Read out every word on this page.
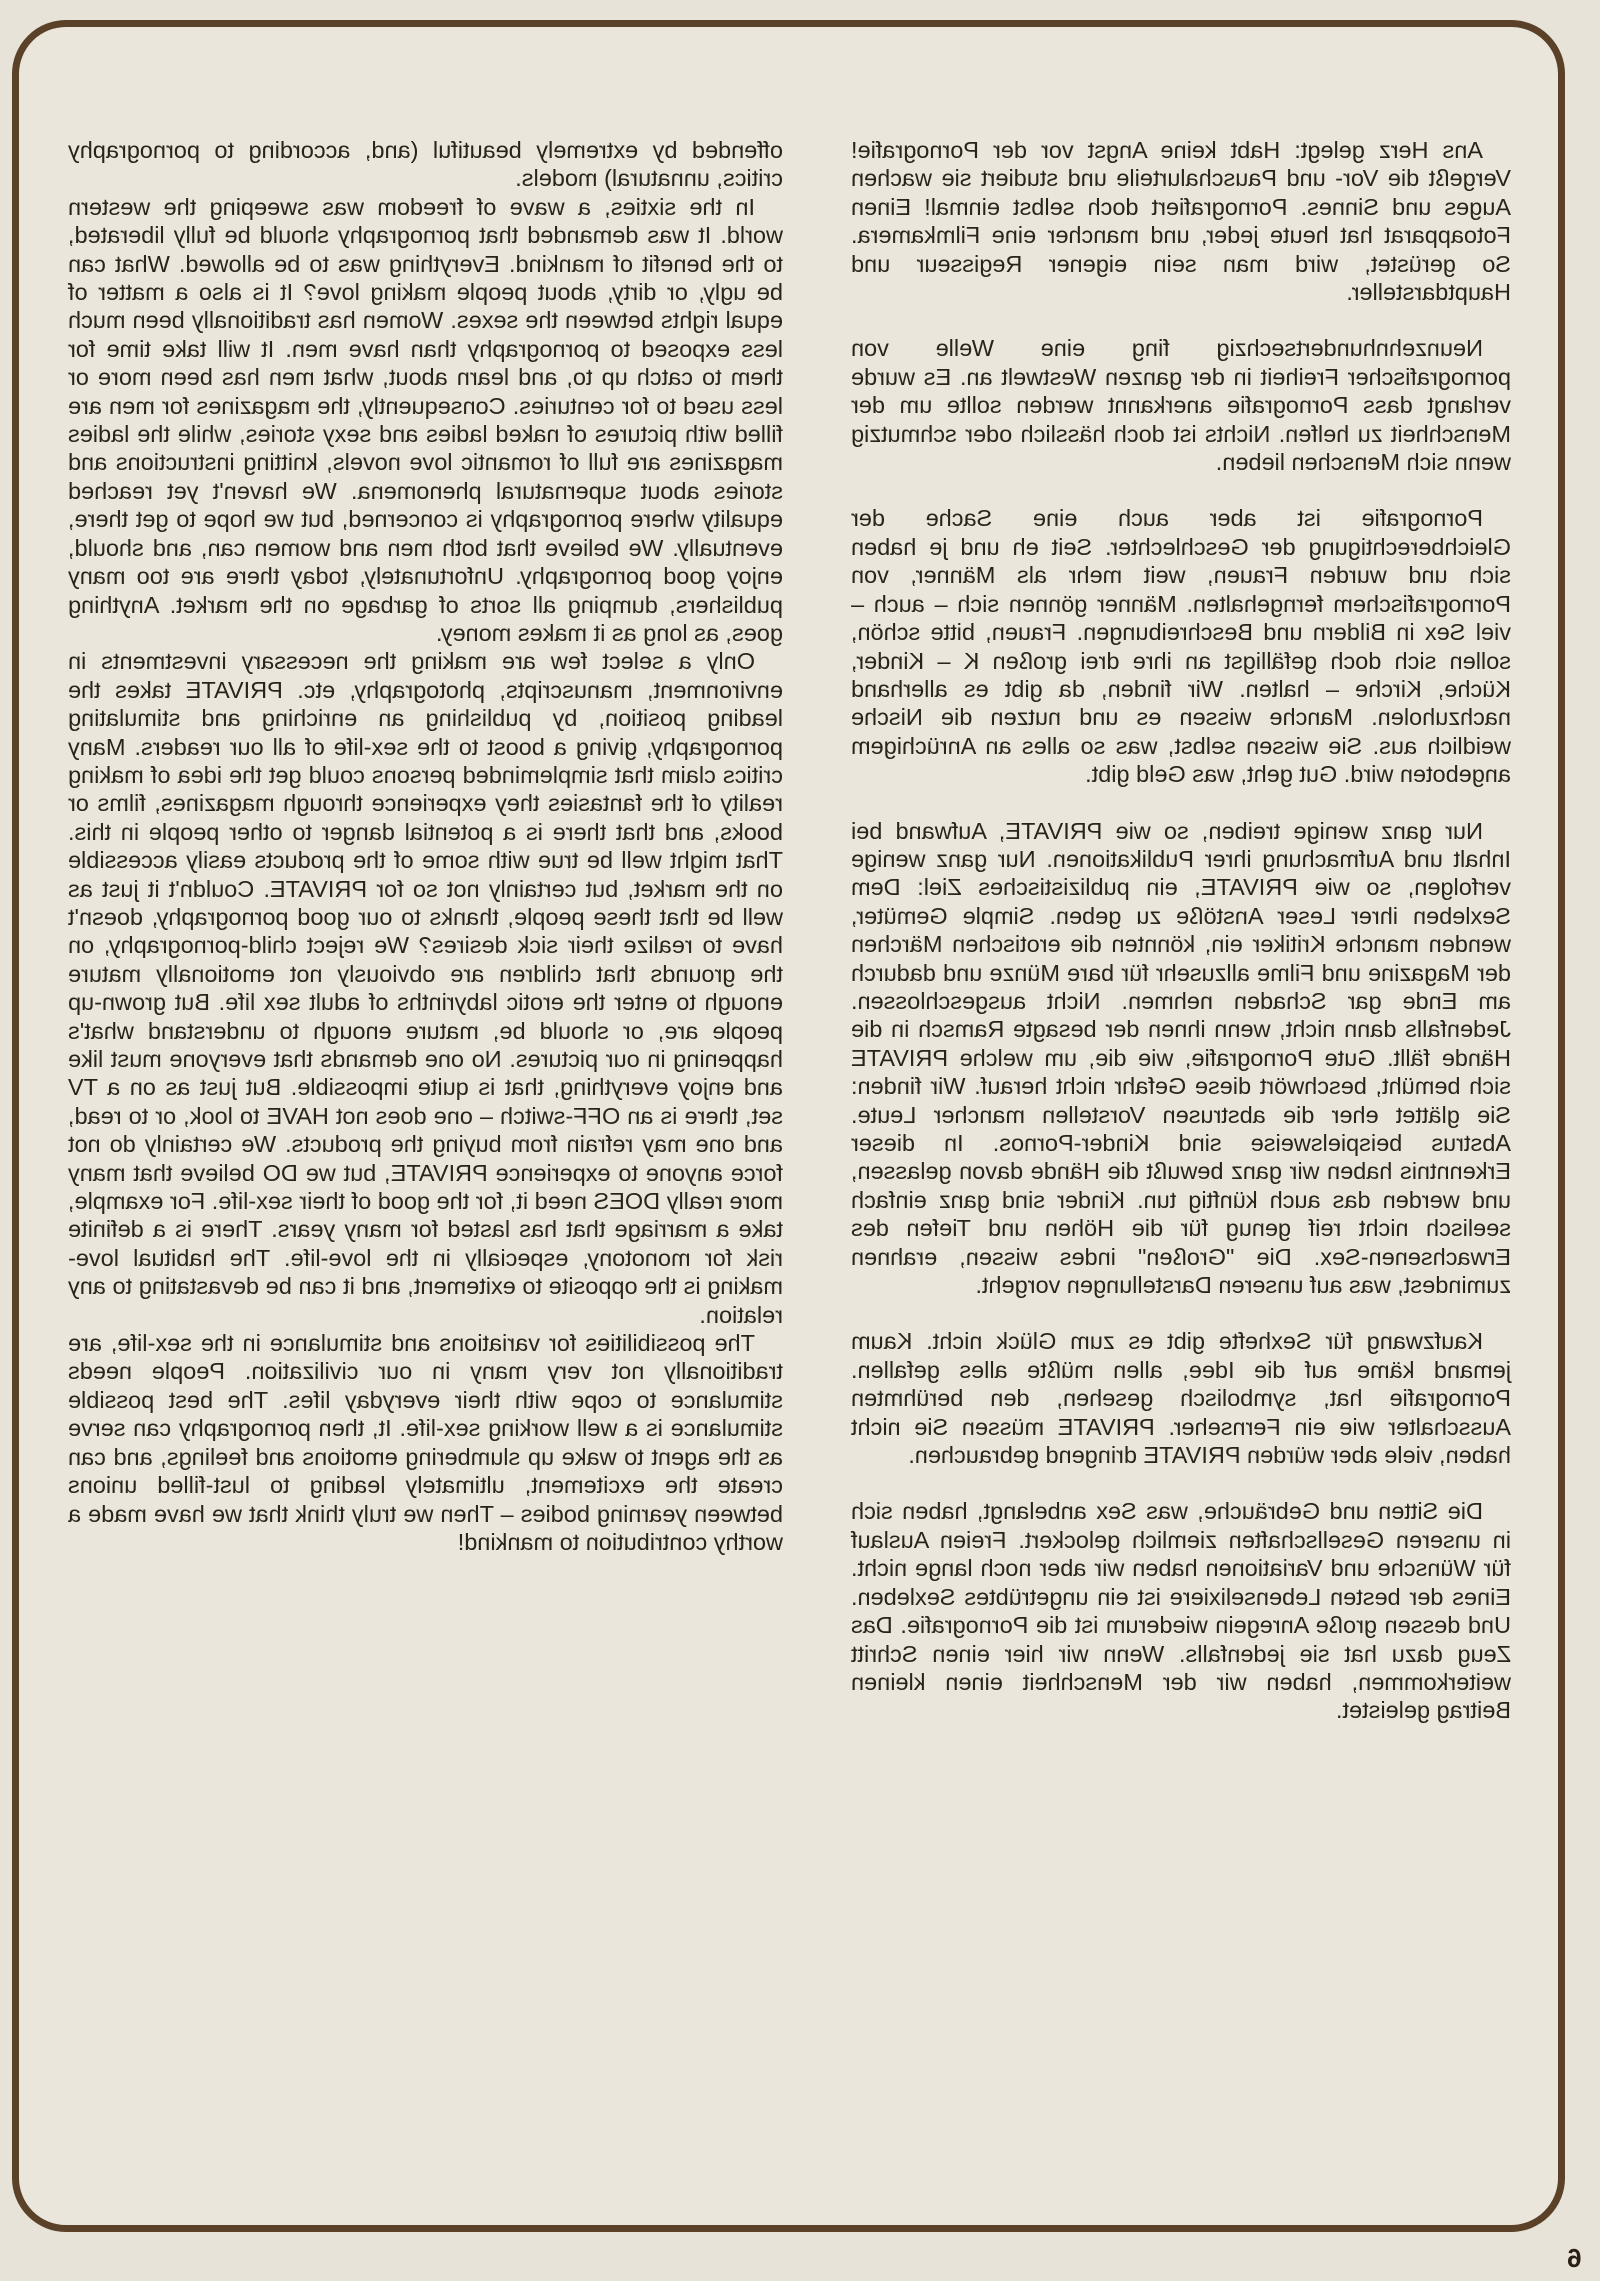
offended by extremely beautiful (and, according to pornography critics, unnatural) models.

In the sixties, a wave of freedom was sweeping the western world. It was demanded that pornography should be fully liberated, to the benefit of mankind. Everything was to be allowed. What can be ugly, or dirty, about people making love? It is also a matter of equal rights between the sexes. Women has traditionally been much less exposed to pornography than have men. It will take time for them to catch up to, and learn about, what men has been more or less used to for centuries. Consequently, the magazines for men are filled with pictures of naked ladies and sexy stories, while the ladies magazines are full of romantic love novels, knitting instructions and stories about supernatural phenomena. We haven't yet reached equality where pornography is concerned, but we hope to get there, eventually. We believe that both men and women can, and should, enjoy good pornography. Unfortunately, today there are too many publishers, dumping all sorts of garbage on the market. Anything goes, as long as it makes money.

Only a select few are making the necessary investments in environment, manuscripts, photography, etc. PRIVATE takes the leading position, by publishing an enriching and stimulating pornography, giving a boost to the sex-life of all our readers. Many critics claim that simpleminded persons could get the idea of making reality of the fantasies they experience through magazines, films or books, and that there is a potential danger to other people in this. That might well be true with some of the products easily accessible on the market, but certainly not so for PRIVATE. Couldn't it just as well be that these people, thanks to our good pornography, doesn't have to realize their sick desires? We reject child-pornography, on the grounds that children are obviously not emotionally mature enough to enter the erotic labyrinths of adult sex life. But grown-up people are, or should be, mature enough to understand what's happening in our pictures. No one demands that everyone must like and enjoy everything, that is quite impossible. But just as on a TV set, there is an OFF-switch – one does not HAVE to look, or to read, and one may refrain from buying the products. We certainly do not force anyone to experience PRIVATE, but we DO believe that many more really DOES need it, for the good of their sex-life. For example, take a marriage that has lasted for many years. There is a definite risk for monotony, especially in the love-life. The habitual love-making is the opposite to exitement, and it can be devastating to any relation.

The possibilities for variations and stimulance in the sex-life, are traditionally not very many in our civilization. People needs stimulance to cope with their everyday lifes. The best possible stimulance is a well working sex-life. It, then pornography can serve as the agent to wake up slumbering emotions and feelings, and can create the excitement, ultimately leading to lust-filled unions between yearning bodies – Then we truly think that we have made a worthy contribution to mankind!

Ans Herz gelegt: Habt keine Angst vor der Pornografie! Vergeßt die Vor- und Pauschalurteile und studiert sie wachen Auges und Sinnes. Pornografiert doch selbst einmal! Einen Fotoapparat hat heute jeder, und mancher eine Filmkamera. So gerüstet, wird man sein eigener Regisseur und Hauptdarsteller.

Neunzehnhundertsechzig fing eine Welle von pornografischer Freiheit in der ganzen Westwelt an. Es wurde verlangt dass Pornografie anerkannt werden sollte um der Menschheit zu helfen. Nichts ist doch hässlich oder schmutzig wenn sich Menschen lieben.

Pornografie ist aber auch eine Sache der Gleichberechtigung der Geschlechter. Seit eh und je haben sich und wurden Frauen, weit mehr als Männer, von Pornografischem ferngehalten. Männer gönnen sich – auch – viel Sex in Bildern und Beschreibungen. Frauen, bitte schön, sollen sich doch gefälligst an ihre drei großen K – Kinder, Küche, Kirche – halten. Wir finden, da gibt es allerhand nachzuholen. Manche wissen es und nutzen die Nische weidlich aus. Sie wissen selbst, was so alles an Anrüchigem angeboten wird. Gut geht, was Geld gibt.

Nur ganz wenige treiben, so wie PRIVATE, Aufwand bei Inhalt und Aufmachung ihrer Publikationen. Nur ganz wenige verfolgen, so wie PRIVATE, ein publizistisches Ziel: Dem Sexleben ihrer Leser Anstöße zu geben. Simple Gemüter, wenden manche Kritiker ein, könnten die erotischen Märchen der Magazine und Filme allzusehr für bare Münze und dadurch am Ende gar Schaden nehmen. Nicht ausgeschlossen. Jedenfalls dann nicht, wenn ihnen der besagte Ramsch in die Hände fällt. Gute Pornografie, wie die, um welche PRIVATE sich bemüht, beschwört diese Gefahr nicht herauf. Wir finden: Sie glättet eher die abstrusen Vorstellen mancher Leute. Abstrus beispielsweise sind Kinder-Pornos. In dieser Erkenntnis haben wir ganz bewußt die Hände davon gelassen, und werden das auch künftig tun. Kinder sind ganz einfach seelisch nicht reif genug für die Höhen und Tiefen des Erwachsenen-Sex. Die "Großen" indes wissen, erahnen zumindest, was auf unseren Darstellungen vorgeht.

Kaufzwang für Sexhefte gibt es zum Glück nicht. Kaum jemand käme auf die Idee, allen müßte alles gefallen. Pornografie hat, symbolisch gesehen, den berühmten Ausschalter wie ein Fernseher. PRIVATE müssen Sie nicht haben, viele aber würden PRIVATE dringend gebrauchen.

Die Sitten und Gebräuche, was Sex anbelangt, haben sich in unseren Gesellschaften ziemlich gelockert. Freien Auslauf für Wünsche und Variationen haben wir aber noch lange nicht. Eines der besten Lebenselixiere ist ein ungetrübtes Sexleben. Und dessen große Anregein wiederum ist die Pornografie. Das Zeug dazu hat sie jedenfalls. Wenn wir hier einen Schritt weiterkommen, haben wir der Menschheit einen kleinen Beitrag geleistet.

6
